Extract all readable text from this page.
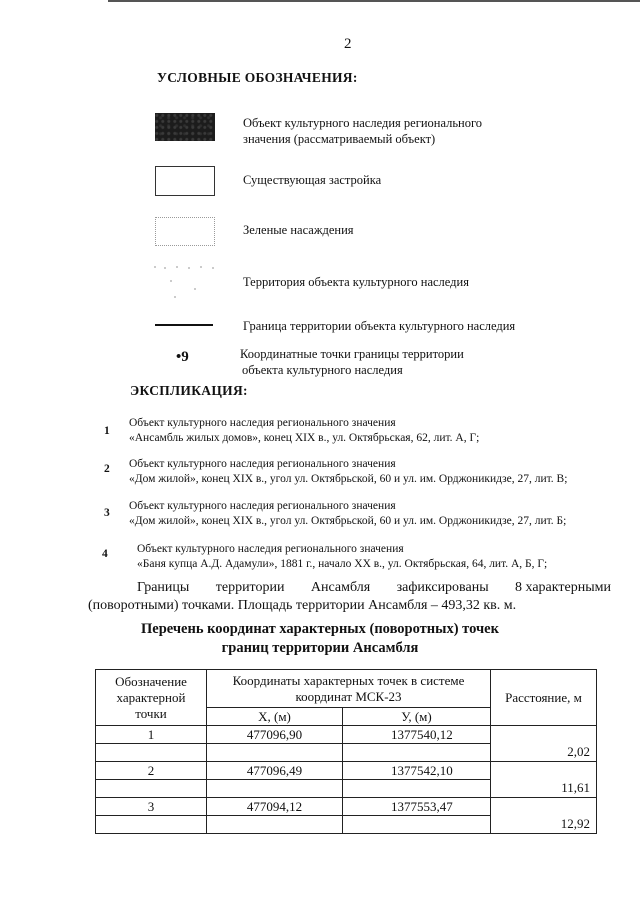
2
УСЛОВНЫЕ ОБОЗНАЧЕНИЯ:
Объект культурного наследия регионального
значения (рассматриваемый объект)
Существующая застройка
Зеленые насаждения
Территория объекта культурного наследия
Граница территории объекта культурного наследия
•9	Координатные точки границы территории
объекта культурного наследия
ЭКСПЛИКАЦИЯ:
1
Объект культурного наследия регионального значения
«Ансамбль жилых домов», конец XIX в., ул. Октябрьская, 62, лит. А, Г;
2 Объект культурного наследия регионального значения
«Дом жилой», конец XIX в., угол ул. Октябрьской, 60 и ул. им. Орджоникидзе, 27, лит. В;
3
Объект культурного наследия регионального значения
«Дом жилой», конец XIX в., угол ул. Октябрьской, 60 и ул. им. Орджоникидзе, 27, лит. Б;
4	Объект культурного наследия регионального значения
«Баня купца А.Д. Адамули», 1881 г., начало XX в., ул. Октябрьская, 64, лит. А, Б, Г;
Границы территории Ансамбля зафиксированы 8 характерными
(поворотными) точками. Площадь территории Ансамбля – 493,32 кв. м.
Перечень координат характерных (поворотных) точек
границ территории Ансамбля
Обозначение характерной точки	Координаты характерных точек в системе координат МСК-23		Расстояние, м
	X, (м)	У, (м)	
1	477096,90	1377540,12	
			2,02
2	477096,49	1377542,10	
			11,61
3	477094,12	1377553,47	
			12,92
